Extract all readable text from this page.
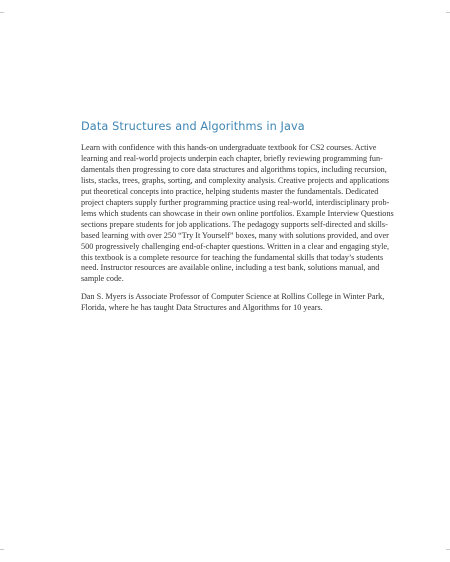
Data Structures and Algorithms in Java
Learn with confidence with this hands-on undergraduate textbook for CS2 courses. Active
learning and real-world projects underpin each chapter, briefly reviewing programming fun-
damentals then progressing to core data structures and algorithms topics, including recursion,
lists, stacks, trees, graphs, sorting, and complexity analysis. Creative projects and applications
put theoretical concepts into practice, helping students master the fundamentals. Dedicated
project chapters supply further programming practice using real-world, interdisciplinary prob-
lems which students can showcase in their own online portfolios. Example Interview Questions
sections prepare students for job applications. The pedagogy supports self-directed and skills-
based learning with over 250 “Try It Yourself” boxes, many with solutions provided, and over
500 progressively challenging end-of-chapter questions. Written in a clear and engaging style,
this textbook is a complete resource for teaching the fundamental skills that today’s students
need. Instructor resources are available online, including a test bank, solutions manual, and
sample code.
Dan S. Myers is Associate Professor of Computer Science at Rollins College in Winter Park,
Florida, where he has taught Data Structures and Algorithms for 10 years.
